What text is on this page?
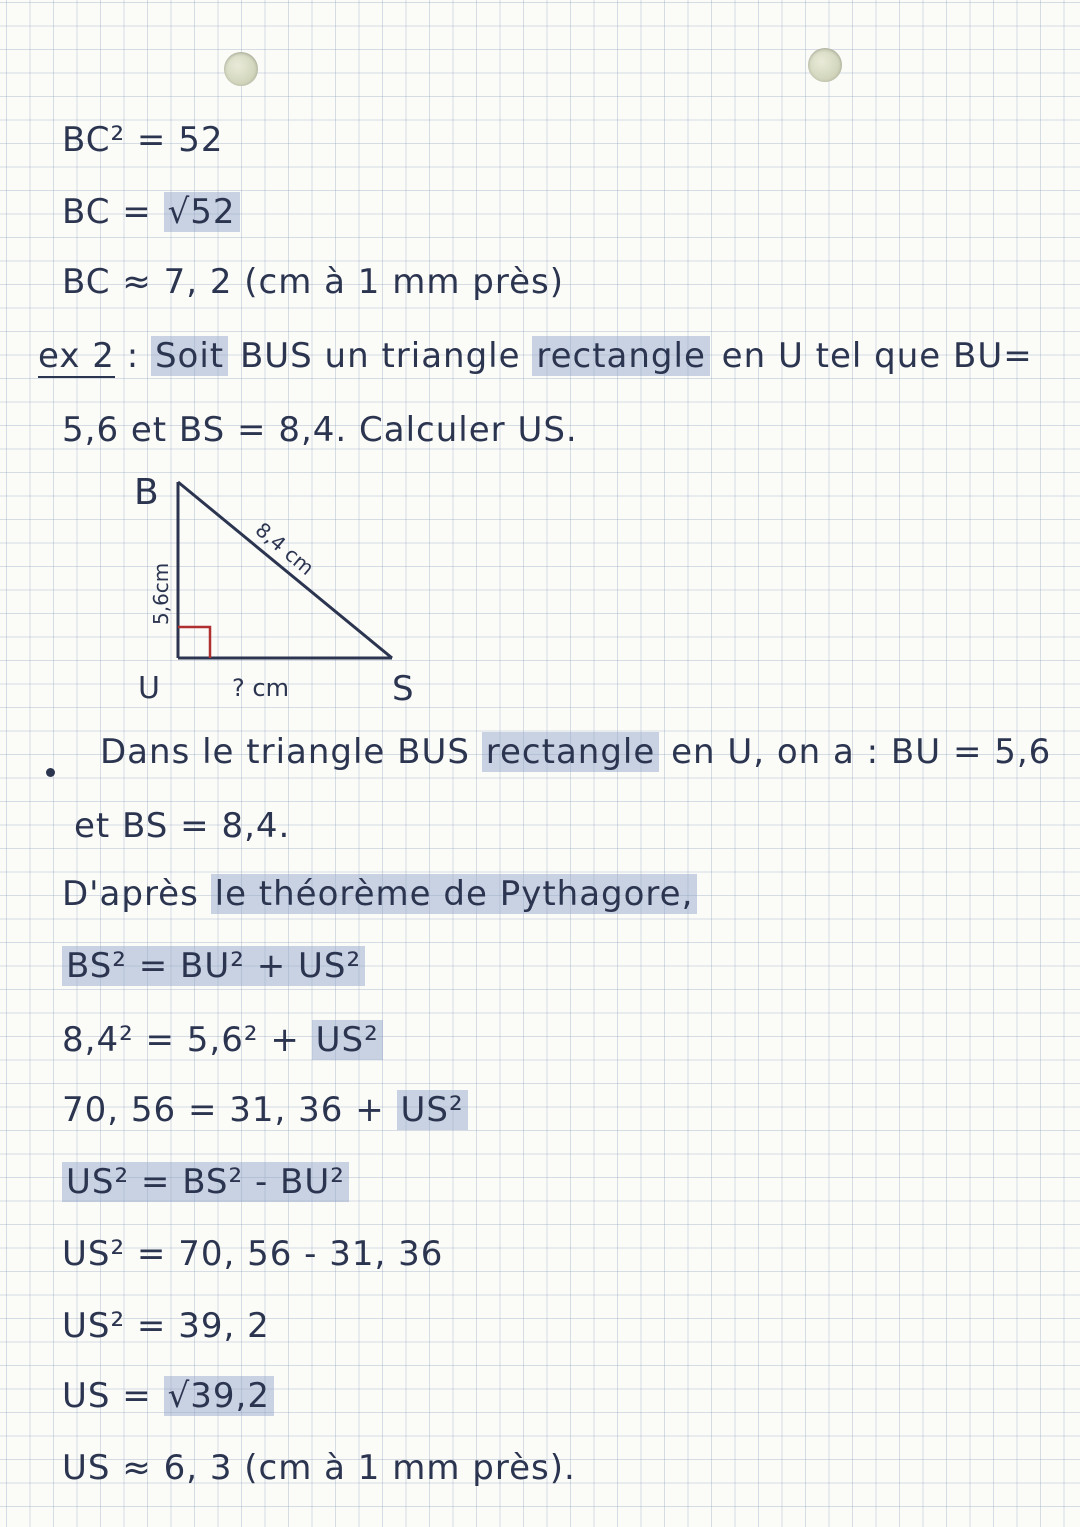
BC² = 52
BC = √52
BC ≈ 7, 2 (cm à 1 mm près)
ex 2 : Soit BUS un triangle rectangle en U tel que BU=
5,6 et BS = 8,4. Calculer US.
B
U	S
5,6cm
8,4 cm
? cm
Dans le triangle BUS rectangle en U, on a : BU = 5,6
et BS = 8,4.
D'après le théorème de Pythagore,
BS² = BU² + US²
8,4² = 5,6² + US²
70, 56 = 31, 36 + US²
US² = BS² - BU²
US² = 70, 56 - 31, 36
US² = 39, 2
US = √39,2
US ≈ 6, 3 (cm à 1 mm près).
